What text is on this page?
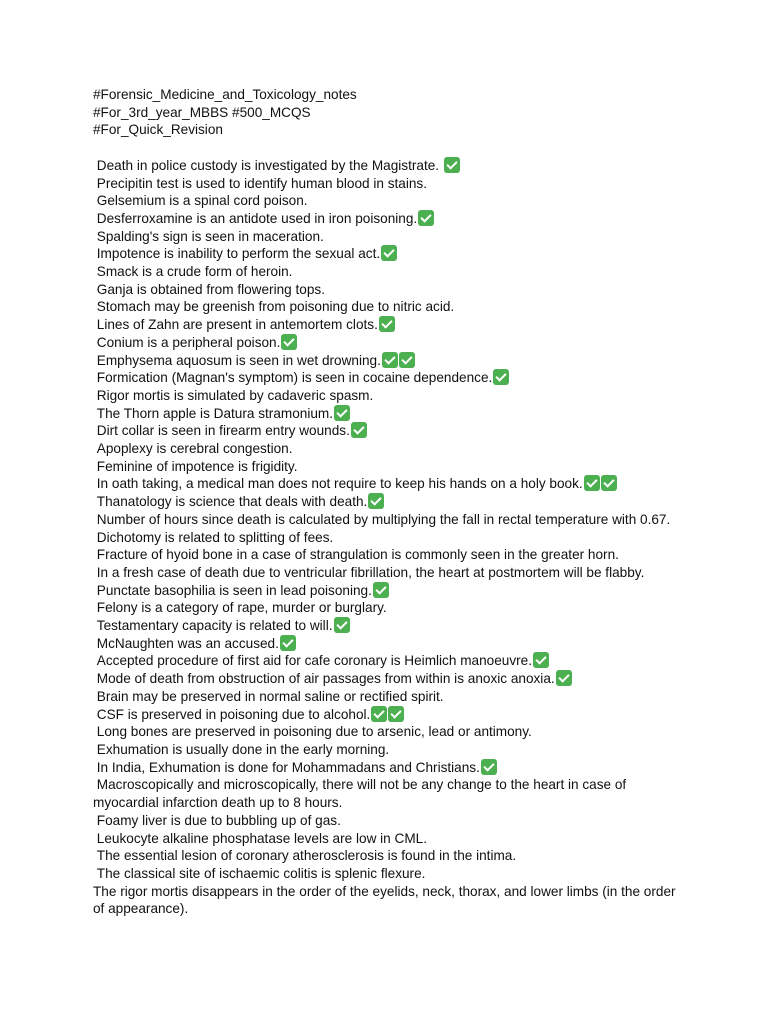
#Forensic_Medicine_and_Toxicology_notes
#For_3rd_year_MBBS #500_MCQS
#For_Quick_Revision
Death in police custody is investigated by the Magistrate.
Precipitin test is used to identify human blood in stains.
Gelsemium is a spinal cord poison.
Desferroxamine is an antidote used in iron poisoning.
Spalding's sign is seen in maceration.
Impotence is inability to perform the sexual act.
Smack is a crude form of heroin.
Ganja is obtained from flowering tops.
Stomach may be greenish from poisoning due to nitric acid.
Lines of Zahn are present in antemortem clots.
Conium is a peripheral poison.
Emphysema aquosum is seen in wet drowning.
Formication (Magnan's symptom) is seen in cocaine dependence.
Rigor mortis is simulated by cadaveric spasm.
The Thorn apple is Datura stramonium.
Dirt collar is seen in firearm entry wounds.
Apoplexy is cerebral congestion.
Feminine of impotence is frigidity.
In oath taking, a medical man does not require to keep his hands on a holy book.
Thanatology is science that deals with death.
Number of hours since death is calculated by multiplying the fall in rectal temperature with 0.67.
Dichotomy is related to splitting of fees.
Fracture of hyoid bone in a case of strangulation is commonly seen in the greater horn.
In a fresh case of death due to ventricular fibrillation, the heart at postmortem will be flabby.
Punctate basophilia is seen in lead poisoning.
Felony is a category of rape, murder or burglary.
Testamentary capacity is related to will.
McNaughten was an accused.
Accepted procedure of first aid for cafe coronary is Heimlich manoeuvre.
Mode of death from obstruction of air passages from within is anoxic anoxia.
Brain may be preserved in normal saline or rectified spirit.
CSF is preserved in poisoning due to alcohol.
Long bones are preserved in poisoning due to arsenic, lead or antimony.
Exhumation is usually done in the early morning.
In India, Exhumation is done for Mohammadans and Christians.
Macroscopically and microscopically, there will not be any change to the heart in case of myocardial infarction death up to 8 hours.
Foamy liver is due to bubbling up of gas.
Leukocyte alkaline phosphatase levels are low in CML.
The essential lesion of coronary atherosclerosis is found in the intima.
The classical site of ischaemic colitis is splenic flexure.
The rigor mortis disappears in the order of the eyelids, neck, thorax, and lower limbs (in the order of appearance).
